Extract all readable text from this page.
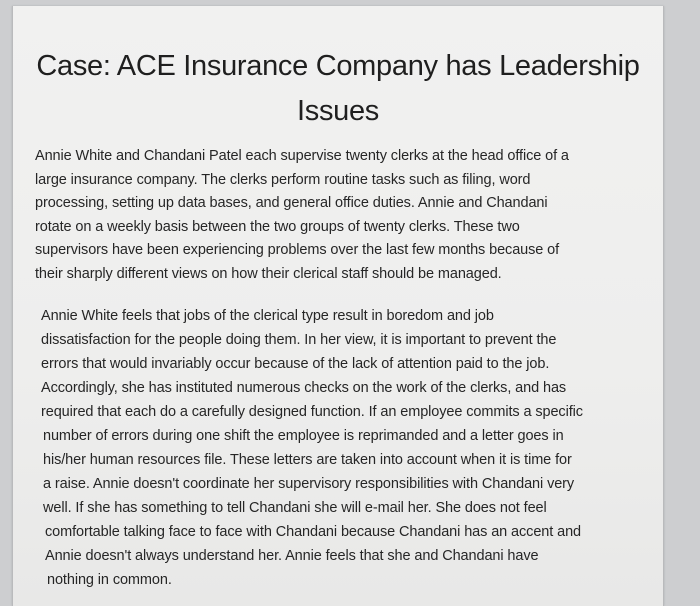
Case: ACE Insurance Company has Leadership
Issues
Annie White and Chandani Patel each supervise twenty clerks at the head office of a
large insurance company. The clerks perform routine tasks such as filing, word
processing, setting up data bases, and general office duties. Annie and Chandani
rotate on a weekly basis between the two groups of twenty clerks. These two
supervisors have been experiencing problems over the last few months because of
their sharply different views on how their clerical staff should be managed.
Annie White feels that jobs of the clerical type result in boredom and job
dissatisfaction for the people doing them. In her view, it is important to prevent the
errors that would invariably occur because of the lack of attention paid to the job.
Accordingly, she has instituted numerous checks on the work of the clerks, and has
required that each do a carefully designed function. If an employee commits a specific
number of errors during one shift the employee is reprimanded and a letter goes in
his/her human resources file. These letters are taken into account when it is time for
a raise. Annie doesn't coordinate her supervisory responsibilities with Chandani very
well. If she has something to tell Chandani she will e-mail her. She does not feel
comfortable talking face to face with Chandani because Chandani has an accent and
Annie doesn't always understand her. Annie feels that she and Chandani have
nothing in common.
